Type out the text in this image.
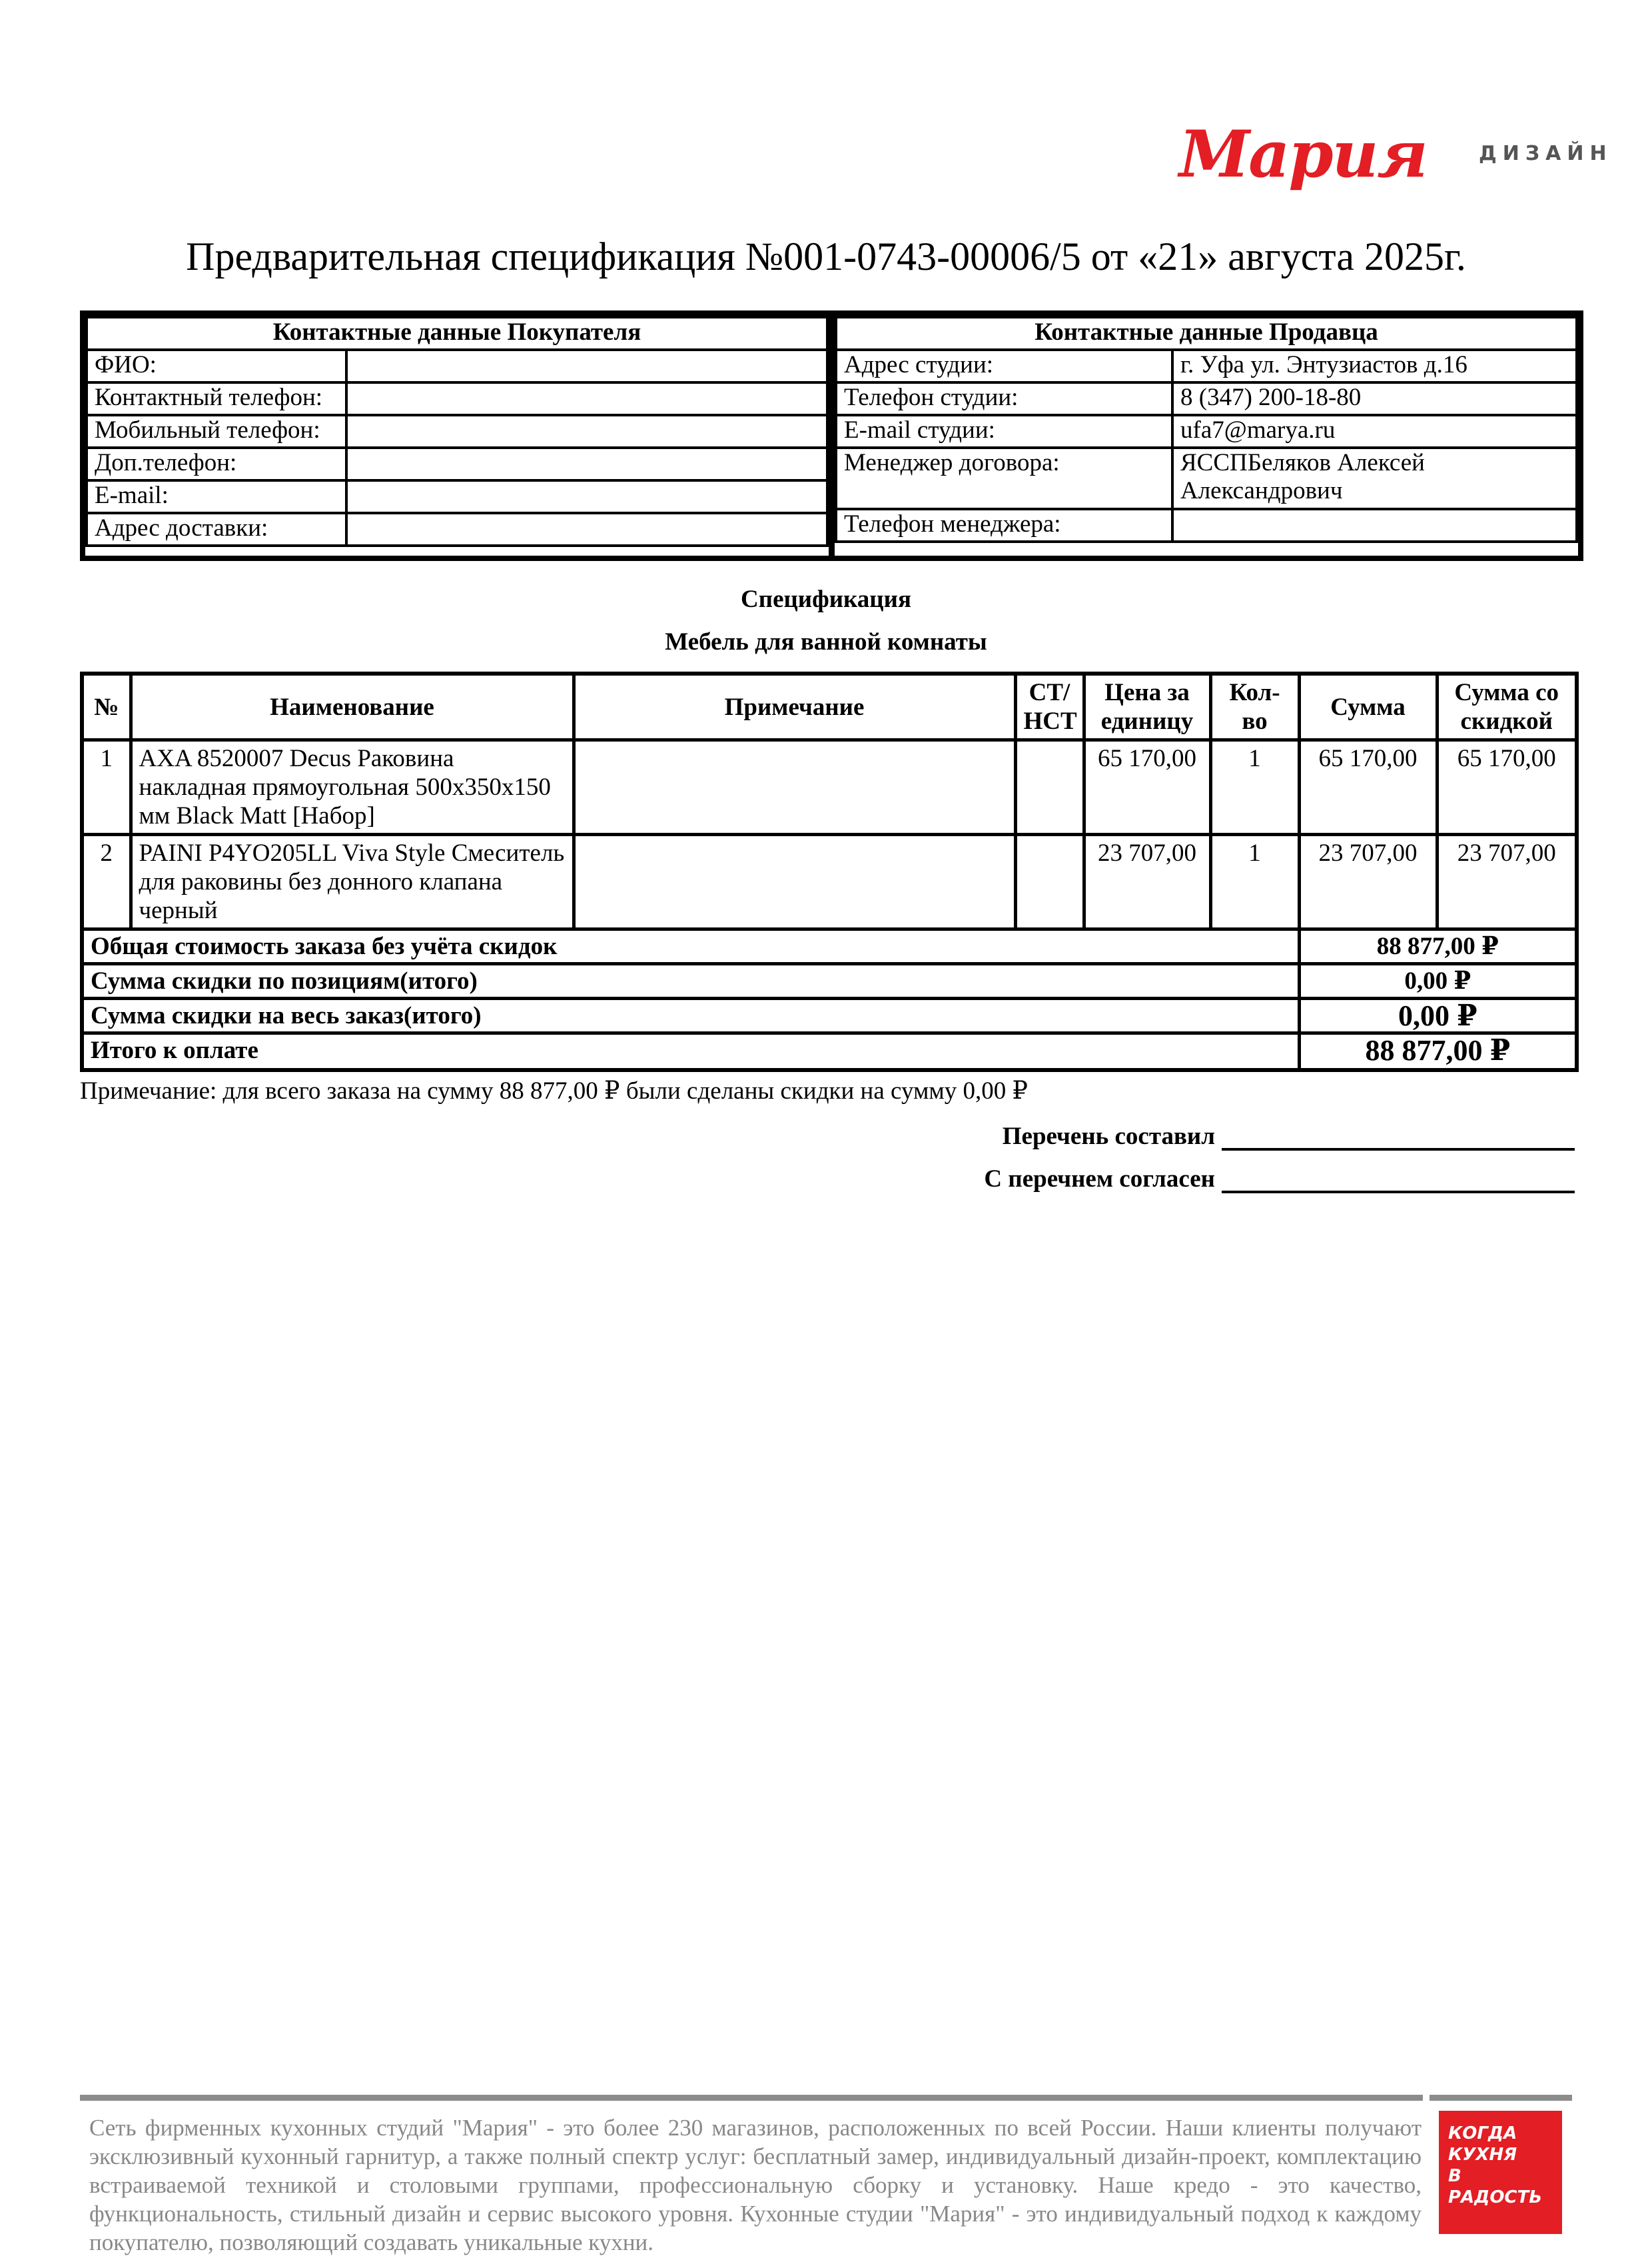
Мария	ДИЗАЙН
Предварительная спецификация №001-0743-00006/5 от «21» августа 2025г.
Контактные данные Покупателя	
ФИО:	
Контактный телефон:	
Мобильный телефон:	
Доп.телефон:	
E-mail:	
Адрес доставки:	
Контактные данные Продавца	
Адрес студии:	г. Уфа ул. Энтузиастов д.16
Телефон студии:	8 (347) 200-18-80
E-mail студии:	ufa7@marya.ru
Менеджер договора:	ЯССПБеляков Алексей Александрович
Телефон менеджера:	
Спецификация
Мебель для ванной комнаты
№	Наименование	Примечание	СТ/ НСТ	Цена за единицу	Кол-во	Сумма	Сумма со скидкой
1	AXA 8520007 Decus Раковина накладная прямоугольная 500x350x150 мм Black Matt [Набор]			65 170,00	1	65 170,00	65 170,00
2	PAINI P4YO205LL Viva Style Смеситель для раковины без донного клапана черный			23 707,00	1	23 707,00	23 707,00
Общая стоимость заказа без учёта скидок						88 877,00 ₽	
Сумма скидки по позициям(итого)						0,00 ₽	
Сумма скидки на весь заказ(итого)						0,00 ₽	
Итого к оплате						88 877,00 ₽	
Примечание: для всего заказа на сумму 88 877,00 ₽ были сделаны скидки на сумму 0,00 ₽
Перечень составил
С перечнем согласен
Сеть фирменных кухонных студий "Мария" - это более 230 магазинов, расположенных по всей России. Наши клиенты получают эксклюзивный кухонный гарнитур, а также полный спектр услуг: бесплатный замер, индивидуальный дизайн-проект, комплектацию встраиваемой техникой и столовыми группами, профессиональную сборку и установку. Наше кредо - это качество, функциональность, стильный дизайн и сервис высокого уровня. Кухонные студии "Мария" - это индивидуальный подход к каждому покупателю, позволяющий создавать уникальные кухни.
КОГДА
КУХНЯ
В РАДОСТЬ
